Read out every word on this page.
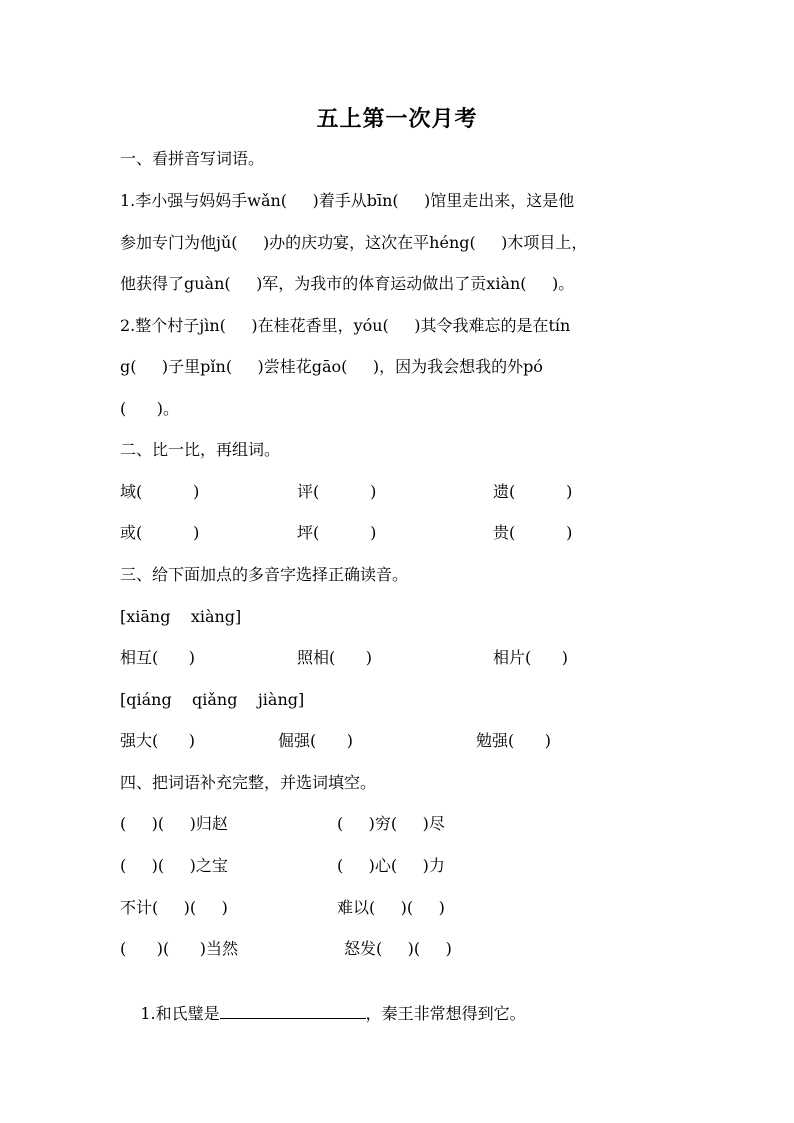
五上第一次月考
一、看拼音写词语。
1.李小强与妈妈手wǎn(     )着手从bīn(     )馆里走出来，这是他
参加专门为他jǔ(     )办的庆功宴，这次在平héng(     )木项目上，
他获得了guàn(     )军，为我市的体育运动做出了贡xiàn(     )。
2.整个村子jìn(     )在桂花香里，yóu(     )其令我难忘的是在tín
g(     )子里pǐn(     )尝桂花gāo(     )，因为我会想我的外pó
(      )。
二、比一比，再组词。
域(          )	评(          )	遗(          )
或(          )	坪(          )	贵(          )
三、给下面加点的多音字选择正确读音。
[xiāng    xiàng]
相互(      )	照相(      )	相片(      )
[qiáng    qiǎng    jiàng]
强大(      )	倔强(      )	勉强(      )
四、把词语补充完整，并选词填空。
(     )(     )归赵	(     )穷(     )尽
(     )(     )之宝	(     )心(     )力
不计(     )(     )	难以(     )(     )
(      )(      )当然	怒发(     )(     )

1.和氏璧是	，秦王非常想得到它。
